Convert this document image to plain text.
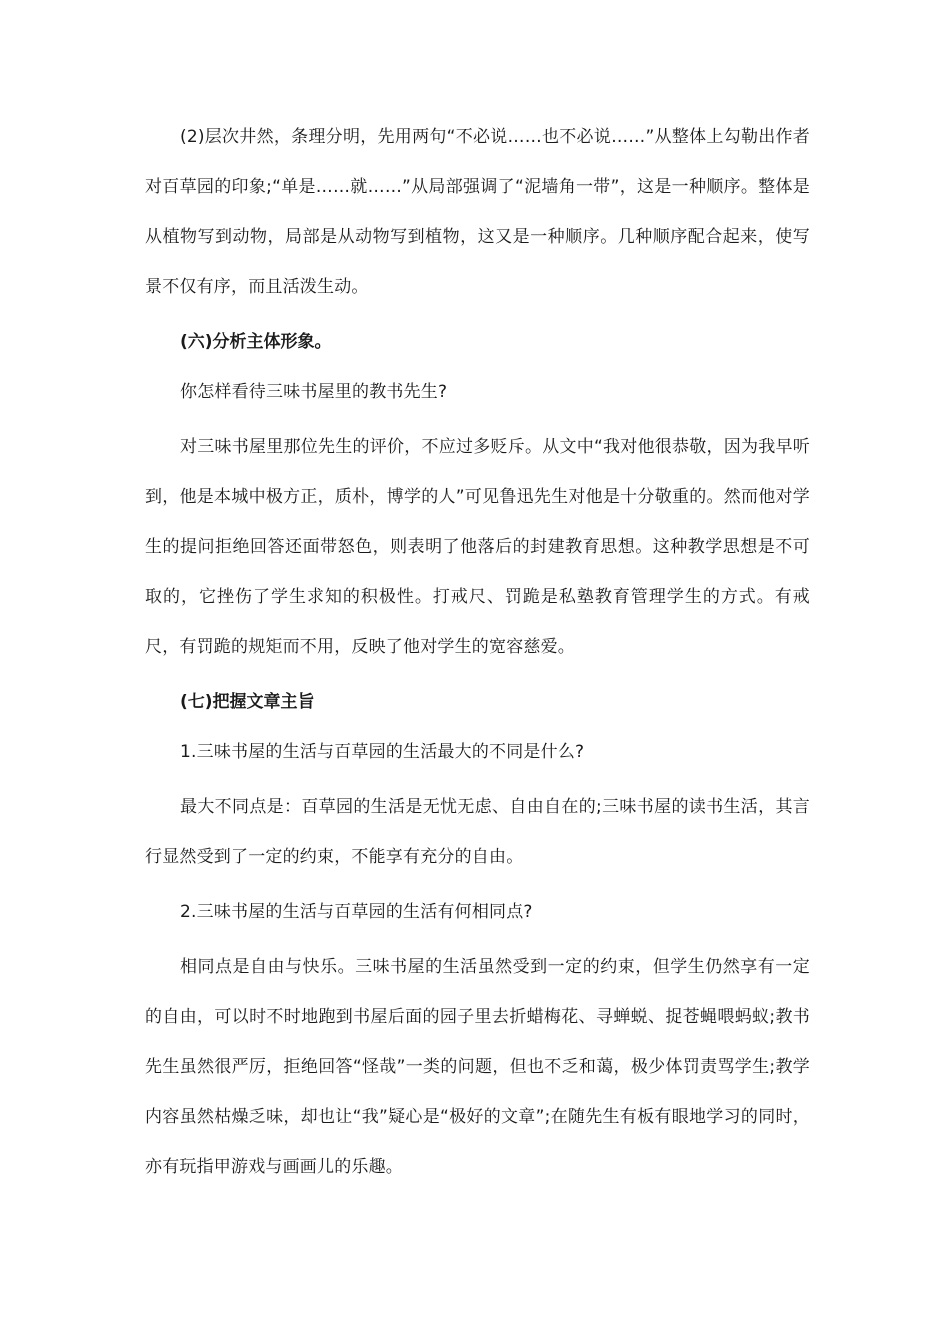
(2)层次井然，条理分明，先用两句“不必说……也不必说……”从整体上勾勒出作者对百草园的印象;“单是……就……”从局部强调了“泥墙角一带”，这是一种顺序。整体是从植物写到动物，局部是从动物写到植物，这又是一种顺序。几种顺序配合起来，使写景不仅有序，而且活泼生动。

(六)分析主体形象。

你怎样看待三味书屋里的教书先生?

对三味书屋里那位先生的评价，不应过多贬斥。从文中“我对他很恭敬，因为我早听到，他是本城中极方正，质朴，博学的人”可见鲁迅先生对他是十分敬重的。然而他对学生的提问拒绝回答还面带怒色，则表明了他落后的封建教育思想。这种教学思想是不可取的，它挫伤了学生求知的积极性。打戒尺、罚跪是私塾教育管理学生的方式。有戒尺，有罚跪的规矩而不用，反映了他对学生的宽容慈爱。

(七)把握文章主旨

1.三味书屋的生活与百草园的生活最大的不同是什么?

最大不同点是：百草园的生活是无忧无虑、自由自在的;三味书屋的读书生活，其言行显然受到了一定的约束，不能享有充分的自由。

2.三味书屋的生活与百草园的生活有何相同点?

相同点是自由与快乐。三味书屋的生活虽然受到一定的约束，但学生仍然享有一定的自由，可以时不时地跑到书屋后面的园子里去折蜡梅花、寻蝉蜕、捉苍蝇喂蚂蚁;教书先生虽然很严厉，拒绝回答“怪哉”一类的问题，但也不乏和蔼，极少体罚责骂学生;教学内容虽然枯燥乏味，却也让“我”疑心是“极好的文章”;在随先生有板有眼地学习的同时，亦有玩指甲游戏与画画儿的乐趣。
